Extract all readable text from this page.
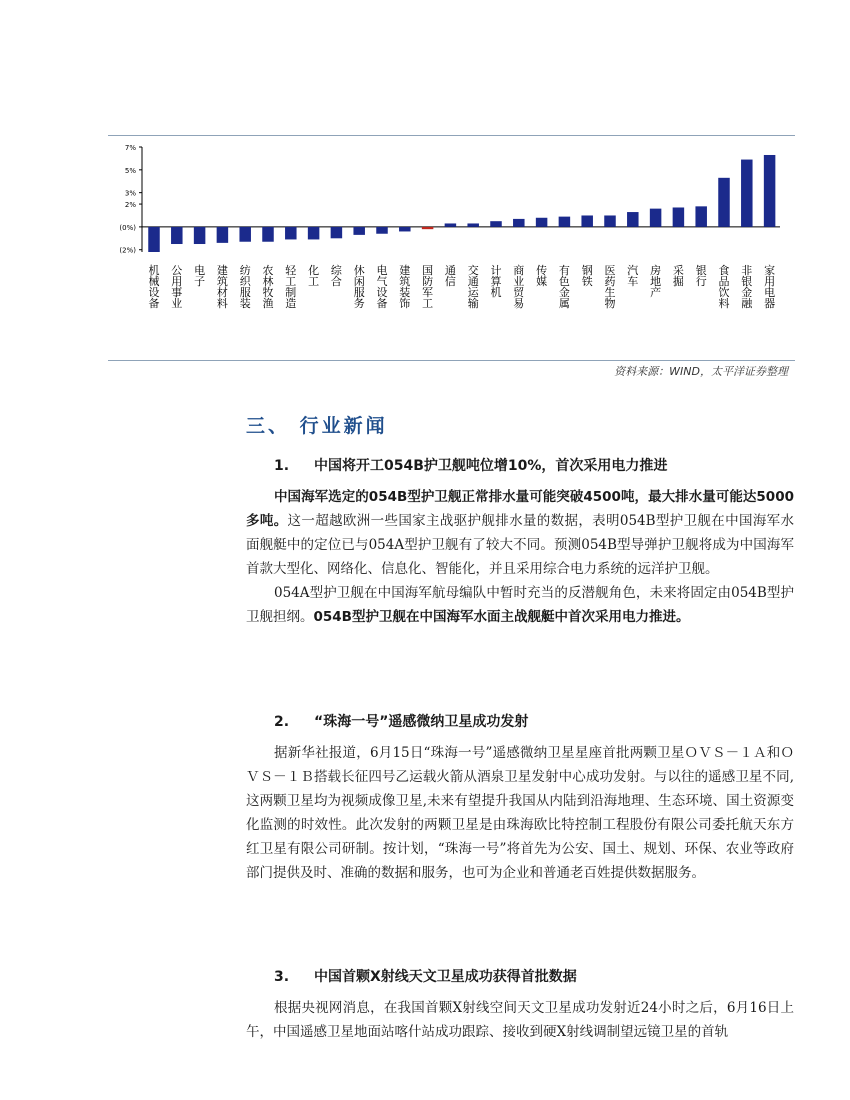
7%
5%
3%
2%
(0%)
(2%)
机械设备
公用事业
电子
建筑材料
纺织服装
农林牧渔
轻工制造
化工
综合
休闲服务
电气设备
建筑装饰
国防军工
通信
交通运输
计算机
商业贸易
传媒
有色金属
钢铁
医药生物
汽车
房地产
采掘
银行
食品饮料
非银金融
家用电器
资料来源：WIND，太平洋证券整理
三、 行业新闻

1. 中国将开工054B护卫舰吨位增10%，首次采用电力推进

中国海军选定的054B型护卫舰正常排水量可能突破4500吨，最大排水量可能达5000多吨。这一超越欧洲一些国家主战驱护舰排水量的数据，表明054B型护卫舰在中国海军水面舰艇中的定位已与054A型护卫舰有了较大不同。预测054B型导弹护卫舰将成为中国海军首款大型化、网络化、信息化、智能化，并且采用综合电力系统的远洋护卫舰。

054A型护卫舰在中国海军航母编队中暂时充当的反潜舰角色，未来将固定由054B型护卫舰担纲。054B型护卫舰在中国海军水面主战舰艇中首次采用电力推进。

2. “珠海一号”遥感微纳卫星成功发射

据新华社报道，6月15日“珠海一号”遥感微纳卫星星座首批两颗卫星ＯＶＳ－１Ａ和ＯＶＳ－１Ｂ搭载长征四号乙运载火箭从酒泉卫星发射中心成功发射。与以往的遥感卫星不同,这两颗卫星均为视频成像卫星,未来有望提升我国从内陆到沿海地理、生态环境、国土资源变化监测的时效性。此次发射的两颗卫星是由珠海欧比特控制工程股份有限公司委托航天东方红卫星有限公司研制。按计划，“珠海一号”将首先为公安、国土、规划、环保、农业等政府部门提供及时、准确的数据和服务，也可为企业和普通老百姓提供数据服务。

3. 中国首颗X射线天文卫星成功获得首批数据

根据央视网消息，在我国首颗X射线空间天文卫星成功发射近24小时之后，6月16日上午，中国遥感卫星地面站喀什站成功跟踪、接收到硬X射线调制望远镜卫星的首轨
